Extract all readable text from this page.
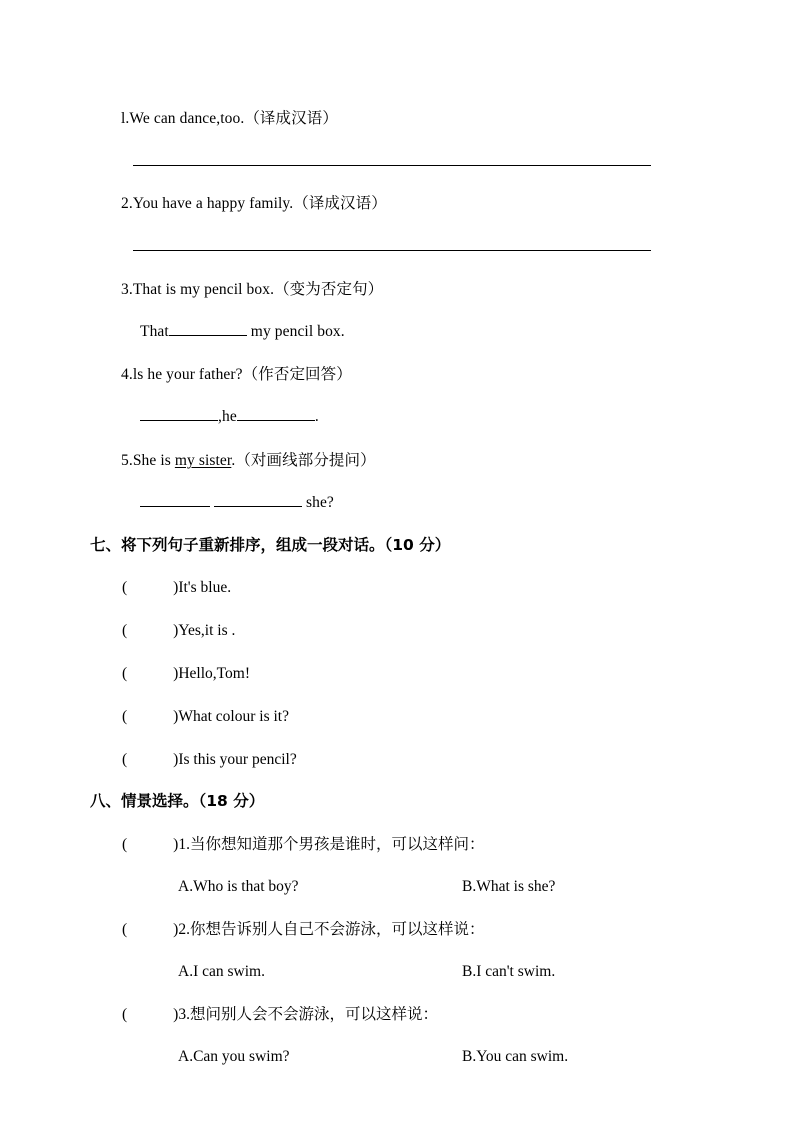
l.We can dance,too.（译成汉语）
2.You have a happy family.（译成汉语）
3.That is my pencil box.（变为否定句）
That	my pencil box.
4.ls he your father?（作否定回答）
,he	.
5.She is my sister.（对画线部分提问）
she?
七、将下列句子重新排序，组成一段对话。（10 分）
(	)It's blue.
(	)Yes,it is .
(	)Hello,Tom!
(	)What colour is it?
(	)Is this your pencil?
八、情景选择。（18 分）
(	)1.当你想知道那个男孩是谁时，可以这样问：
A.Who is that boy?	B.What is she?
(	)2.你想告诉别人自己不会游泳，可以这样说：
A.I can swim.	B.I can't swim.
(	)3.想问别人会不会游泳，可以这样说：
A.Can you swim?	B.You can swim.
